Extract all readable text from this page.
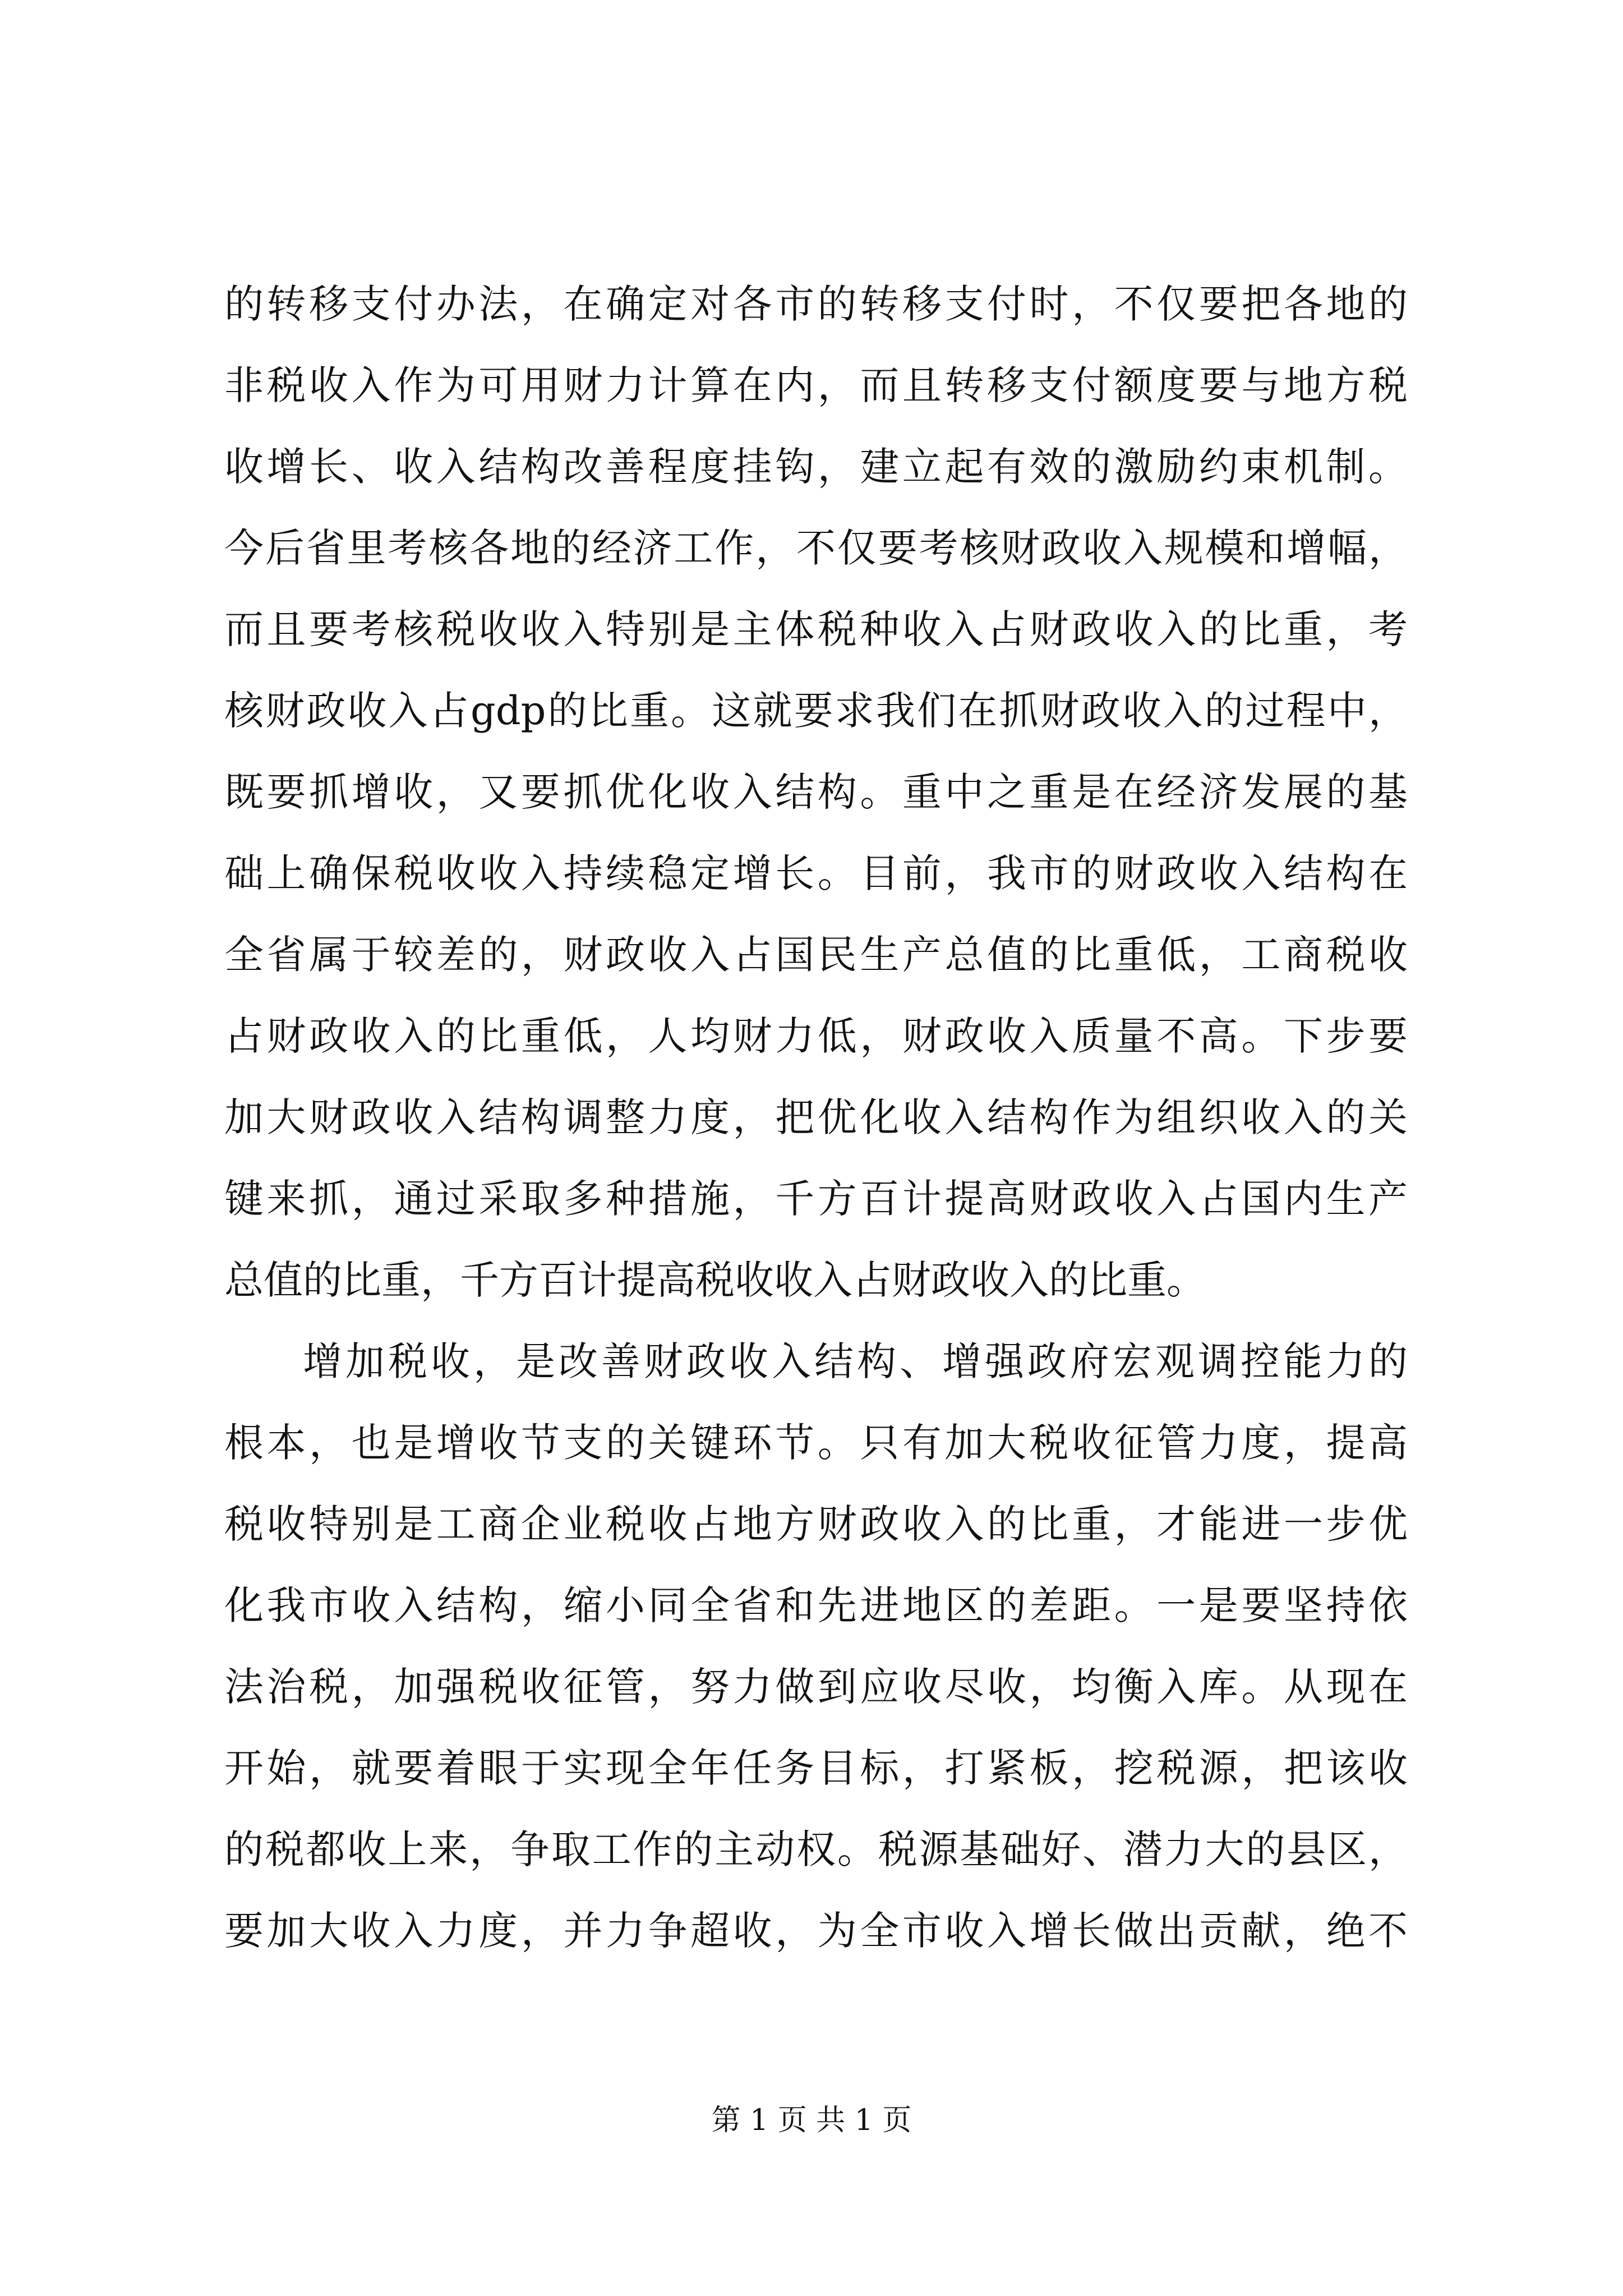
的转移支付办法，在确定对各市的转移支付时，不仅要把各地的
非税收入作为可用财力计算在内，而且转移支付额度要与地方税
收增长、收入结构改善程度挂钩，建立起有效的激励约束机制。
今后省里考核各地的经济工作，不仅要考核财政收入规模和增幅，
而且要考核税收收入特别是主体税种收入占财政收入的比重，考
核财政收入占gdp的比重。这就要求我们在抓财政收入的过程中，
既要抓增收，又要抓优化收入结构。重中之重是在经济发展的基
础上确保税收收入持续稳定增长。目前，我市的财政收入结构在
全省属于较差的，财政收入占国民生产总值的比重低，工商税收
占财政收入的比重低，人均财力低，财政收入质量不高。下步要
加大财政收入结构调整力度，把优化收入结构作为组织收入的关
键来抓，通过采取多种措施，千方百计提高财政收入占国内生产
总值的比重，千方百计提高税收收入占财政收入的比重。
增加税收，是改善财政收入结构、增强政府宏观调控能力的
根本，也是增收节支的关键环节。只有加大税收征管力度，提高
税收特别是工商企业税收占地方财政收入的比重，才能进一步优
化我市收入结构，缩小同全省和先进地区的差距。一是要坚持依
法治税，加强税收征管，努力做到应收尽收，均衡入库。从现在
开始，就要着眼于实现全年任务目标，打紧板，挖税源，把该收
的税都收上来，争取工作的主动权。税源基础好、潜力大的县区，
要加大收入力度，并力争超收，为全市收入增长做出贡献，绝不
第 1 页 共 1 页
